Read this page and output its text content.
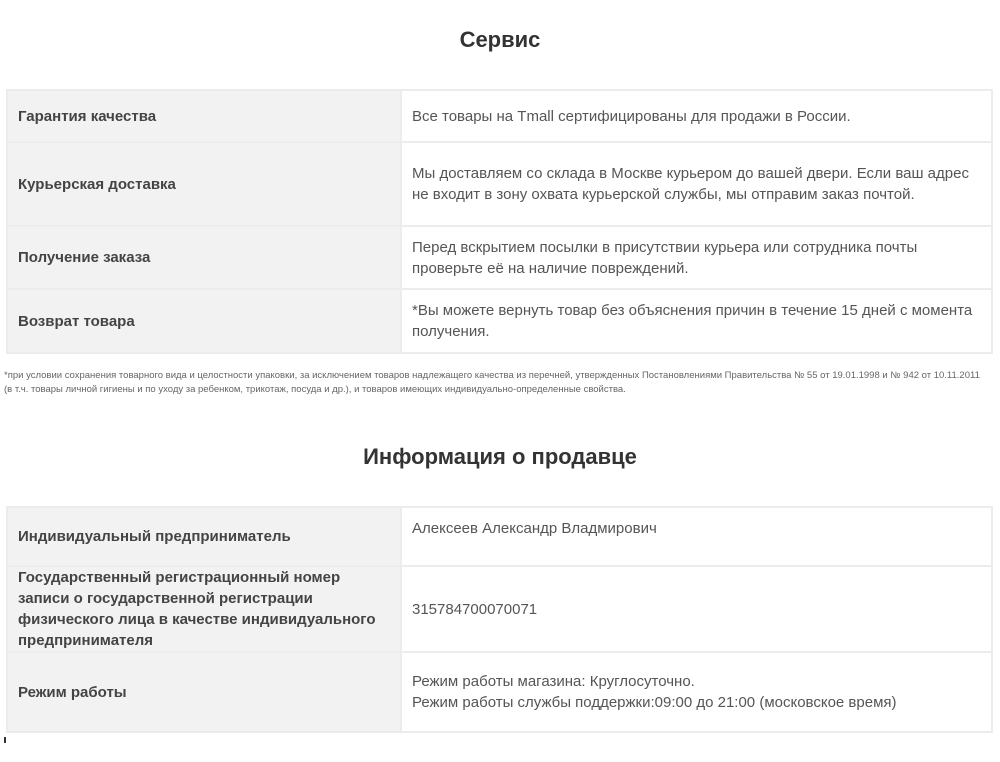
Сервис
Гарантия качества	Все товары на Tmall сертифицированы для продажи в России.
Курьерская доставка	Мы доставляем со склада в Москве курьером до вашей двери. Если ваш адрес не входит в зону охвата курьерской службы, мы отправим заказ почтой.
Получение заказа	Перед вскрытием посылки в присутствии курьера или сотрудника почты проверьте её на наличие повреждений.
Возврат товара	*Вы можете вернуть товар без объяснения причин в течение 15 дней с момента получения.

*при условии сохранения товарного вида и целостности упаковки, за исключением товаров надлежащего качества из перечней, утвержденных Постановлениями Правительства № 55 от 19.01.1998 и № 942 от 10.11.2011 (в т.ч. товары личной гигиены и по уходу за ребенком, трикотаж, посуда и др.), и товаров имеющих индивидуально-определенные свойства.

Информация о продавце
Индивидуальный предприниматель	Алексеев Александр Владмирович
Государственный регистрационный номер записи о государственной регистрации физического лица в качестве индивидуального предпринимателя	315784700070071
Режим работы	Режим работы магазина: Круглосуточно.
Режим работы службы поддержки:09:00 до 21:00 (московское время)
